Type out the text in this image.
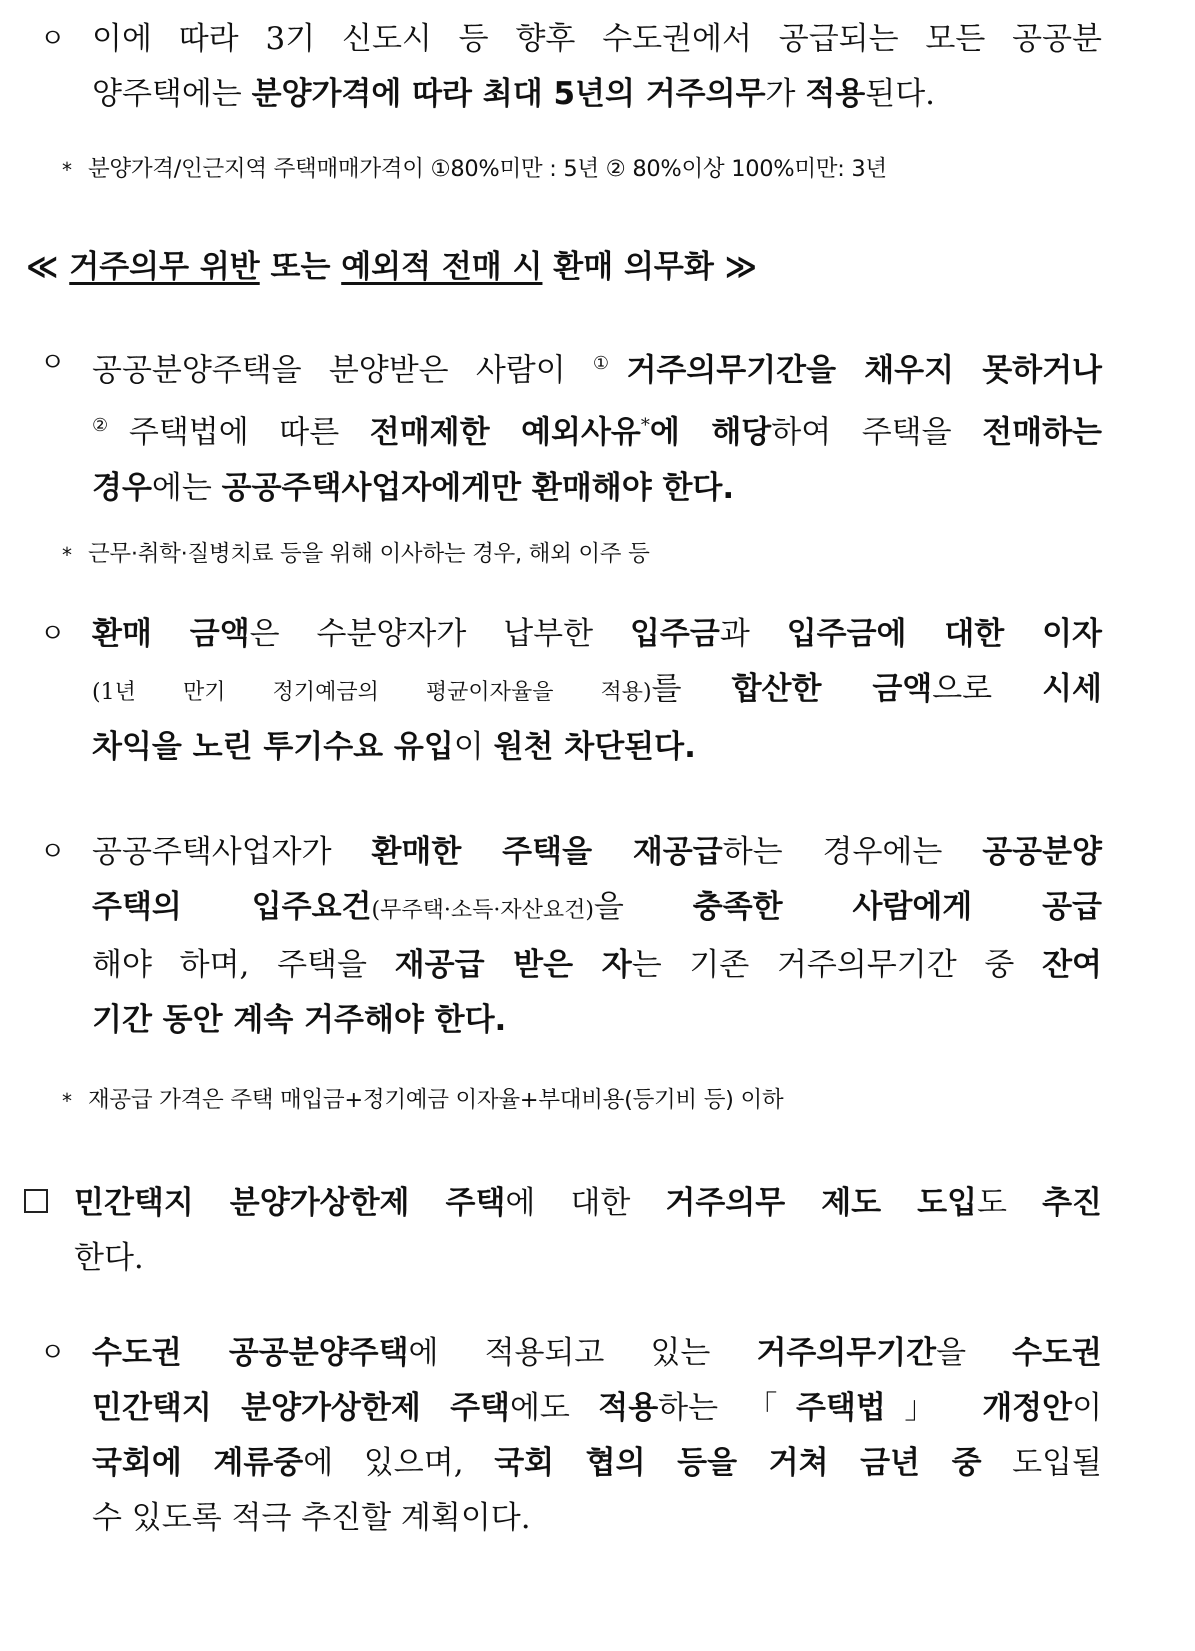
ㅇ 이에 따라 3기 신도시 등 향후 수도권에서 공급되는 모든 공공분
양주택에는 분양가격에 따라 최대 5년의 거주의무가 적용된다.
* 분양가격/인근지역 주택매매가격이 ①80%미만 : 5년 ② 80%이상 100%미만: 3년
≪ 거주의무 위반 또는 예외적 전매 시 환매 의무화 ≫
ㅇ 공공분양주택을 분양받은 사람이 ①거주의무기간을 채우지 못하거나
②주택법에 따른 전매제한 예외사유*에 해당하여 주택을 전매하는
경우에는 공공주택사업자에게만 환매해야 한다.
* 근무·취학·질병치료 등을 위해 이사하는 경우, 해외 이주 등
ㅇ 환매 금액은 수분양자가 납부한 입주금과 입주금에 대한 이자
(1년 만기 정기예금의 평균이자율을 적용)를 합산한 금액으로 시세
차익을 노린 투기수요 유입이 원천 차단된다.
ㅇ 공공주택사업자가 환매한 주택을 재공급하는 경우에는 공공분양
주택의 입주요건(무주택·소득·자산요건)을 충족한 사람에게 공급
해야 하며, 주택을 재공급 받은 자는 기존 거주의무기간 중 잔여
기간 동안 계속 거주해야 한다.
* 재공급 가격은 주택 매입금+정기예금 이자율+부대비용(등기비 등) 이하
민간택지 분양가상한제 주택에 대한 거주의무 제도 도입도 추진
한다.
ㅇ 수도권 공공분양주택에 적용되고 있는 거주의무기간을 수도권
민간택지 분양가상한제 주택에도 적용하는 「주택법」 개정안이
국회에 계류중에 있으며, 국회 협의 등을 거쳐 금년 중 도입될
수 있도록 적극 추진할 계획이다.
